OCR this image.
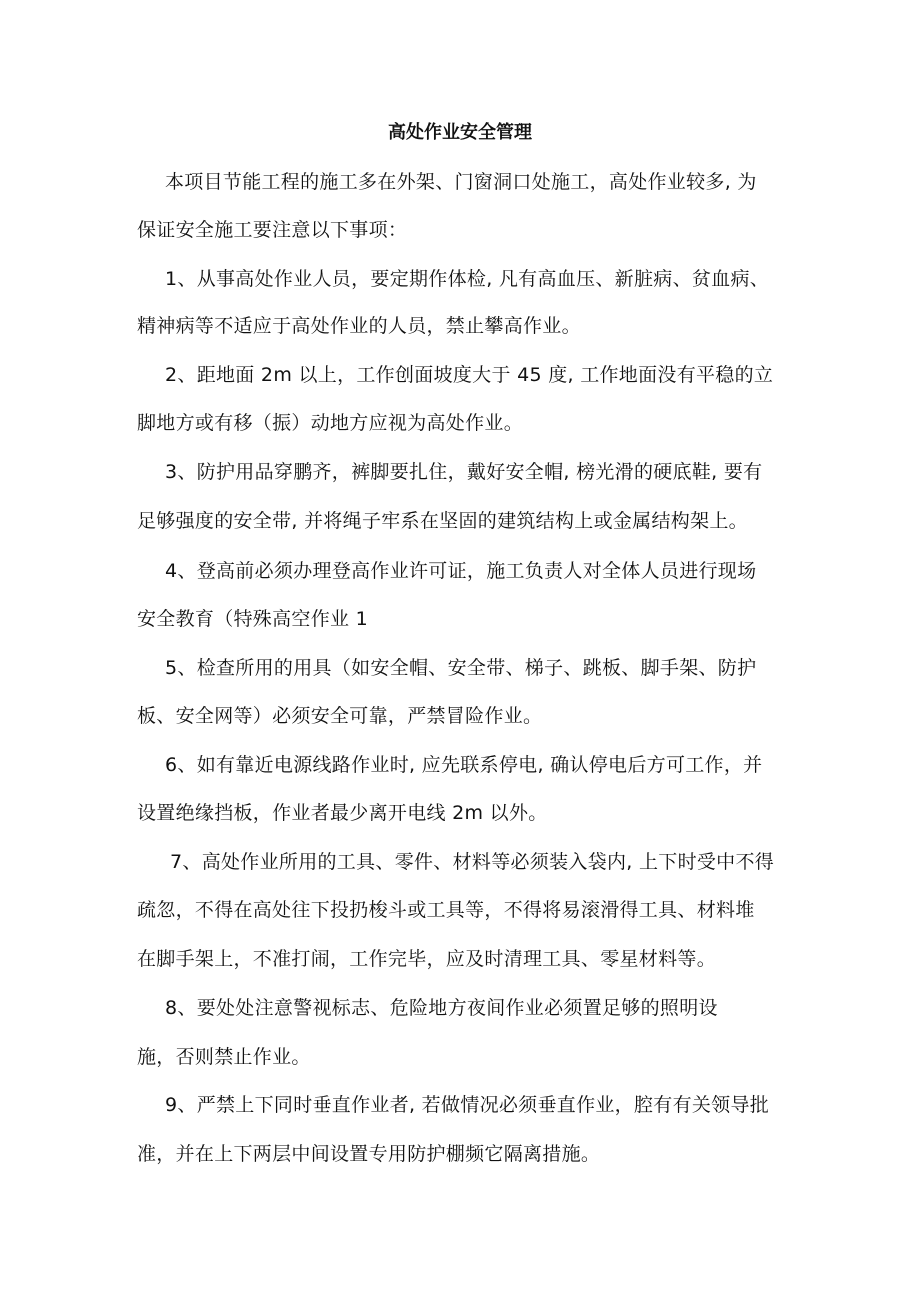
高处作业安全管理
本项目节能工程的施工多在外架、门窗洞口处施工，高处作业较多, 为
保证安全施工要注意以下事项：
1、从事高处作业人员，要定期作体检, 凡有高血压、新脏病、贫血病、
精神病等不适应于高处作业的人员，禁止攀高作业。
2、距地面 2m 以上，工作创面坡度大于 45 度, 工作地面没有平稳的立
脚地方或有移（振）动地方应视为高处作业。
3、防护用品穿鹏齐，裤脚要扎住，戴好安全帽, 榜光滑的硬底鞋, 要有
足够强度的安全带, 并将绳子牢系在坚固的建筑结构上或金属结构架上。
4、登高前必须办理登高作业许可证，施工负责人对全体人员进行现场
安全教育（特殊高空作业 1
5、检查所用的用具（如安全帽、安全带、梯子、跳板、脚手架、防护
板、安全网等）必须安全可靠，严禁冒险作业。
6、如有靠近电源线路作业时, 应先联系停电, 确认停电后方可工作，并
设置绝缘挡板，作业者最少离开电线 2m 以外。
7、高处作业所用的工具、零件、材料等必须装入袋内, 上下时受中不得
疏忽，不得在高处往下投扔梭斗或工具等，不得将易滚滑得工具、材料堆
在脚手架上，不准打闹，工作完毕，应及时清理工具、零星材料等。
8、要处处注意警视标志、危险地方夜间作业必须置足够的照明设
施，否则禁止作业。
9、严禁上下同时垂直作业者, 若做情况必须垂直作业，腔有有关领导批
准，并在上下两层中间设置专用防护棚频它隔离措施。
